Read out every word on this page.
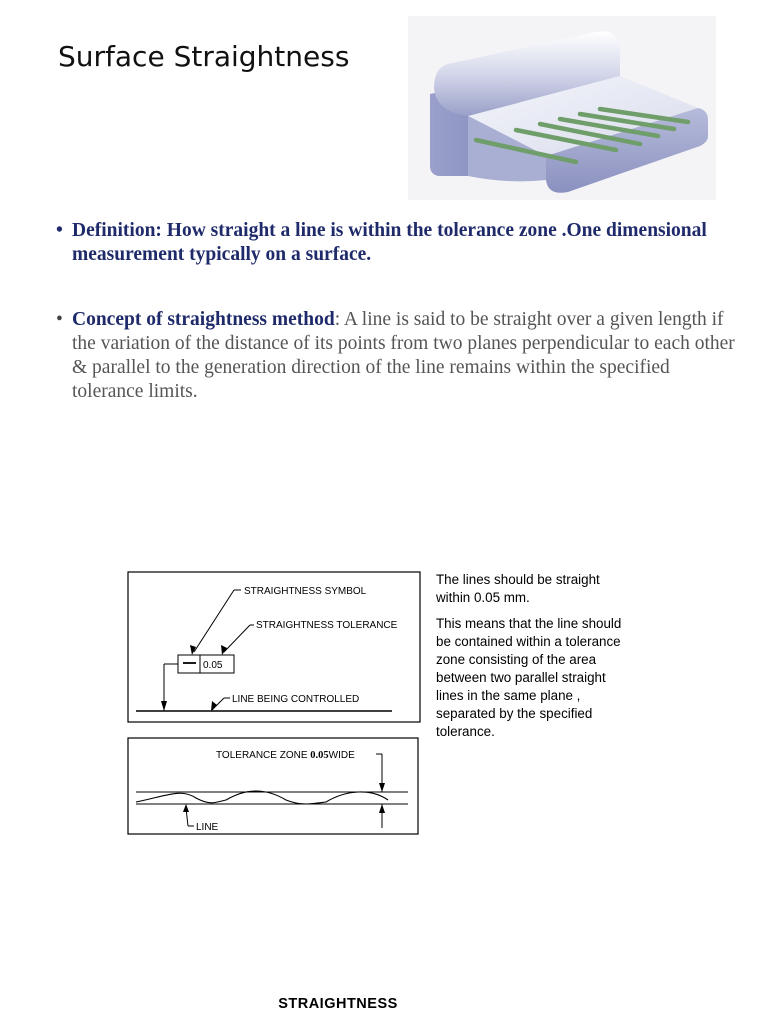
Surface Straightness

• Definition: How straight a line is within the tolerance zone .One dimensional measurement typically on a surface.

• Concept of straightness method: A line is said to be straight over a given length if the variation of the distance of its points from two planes perpendicular to each other & parallel to the generation direction of the line remains within the specified tolerance limits.

0.05
STRAIGHTNESS SYMBOL
STRAIGHTNESS TOLERANCE
LINE BEING CONTROLLED
TOLERANCE ZONE 0.05WIDE
LINE

The lines should be straight within 0.05 mm.

This means that the line should be contained within a tolerance zone consisting of the area between two parallel straight lines in the same plane , separated by the specified tolerance.

STRAIGHTNESS
